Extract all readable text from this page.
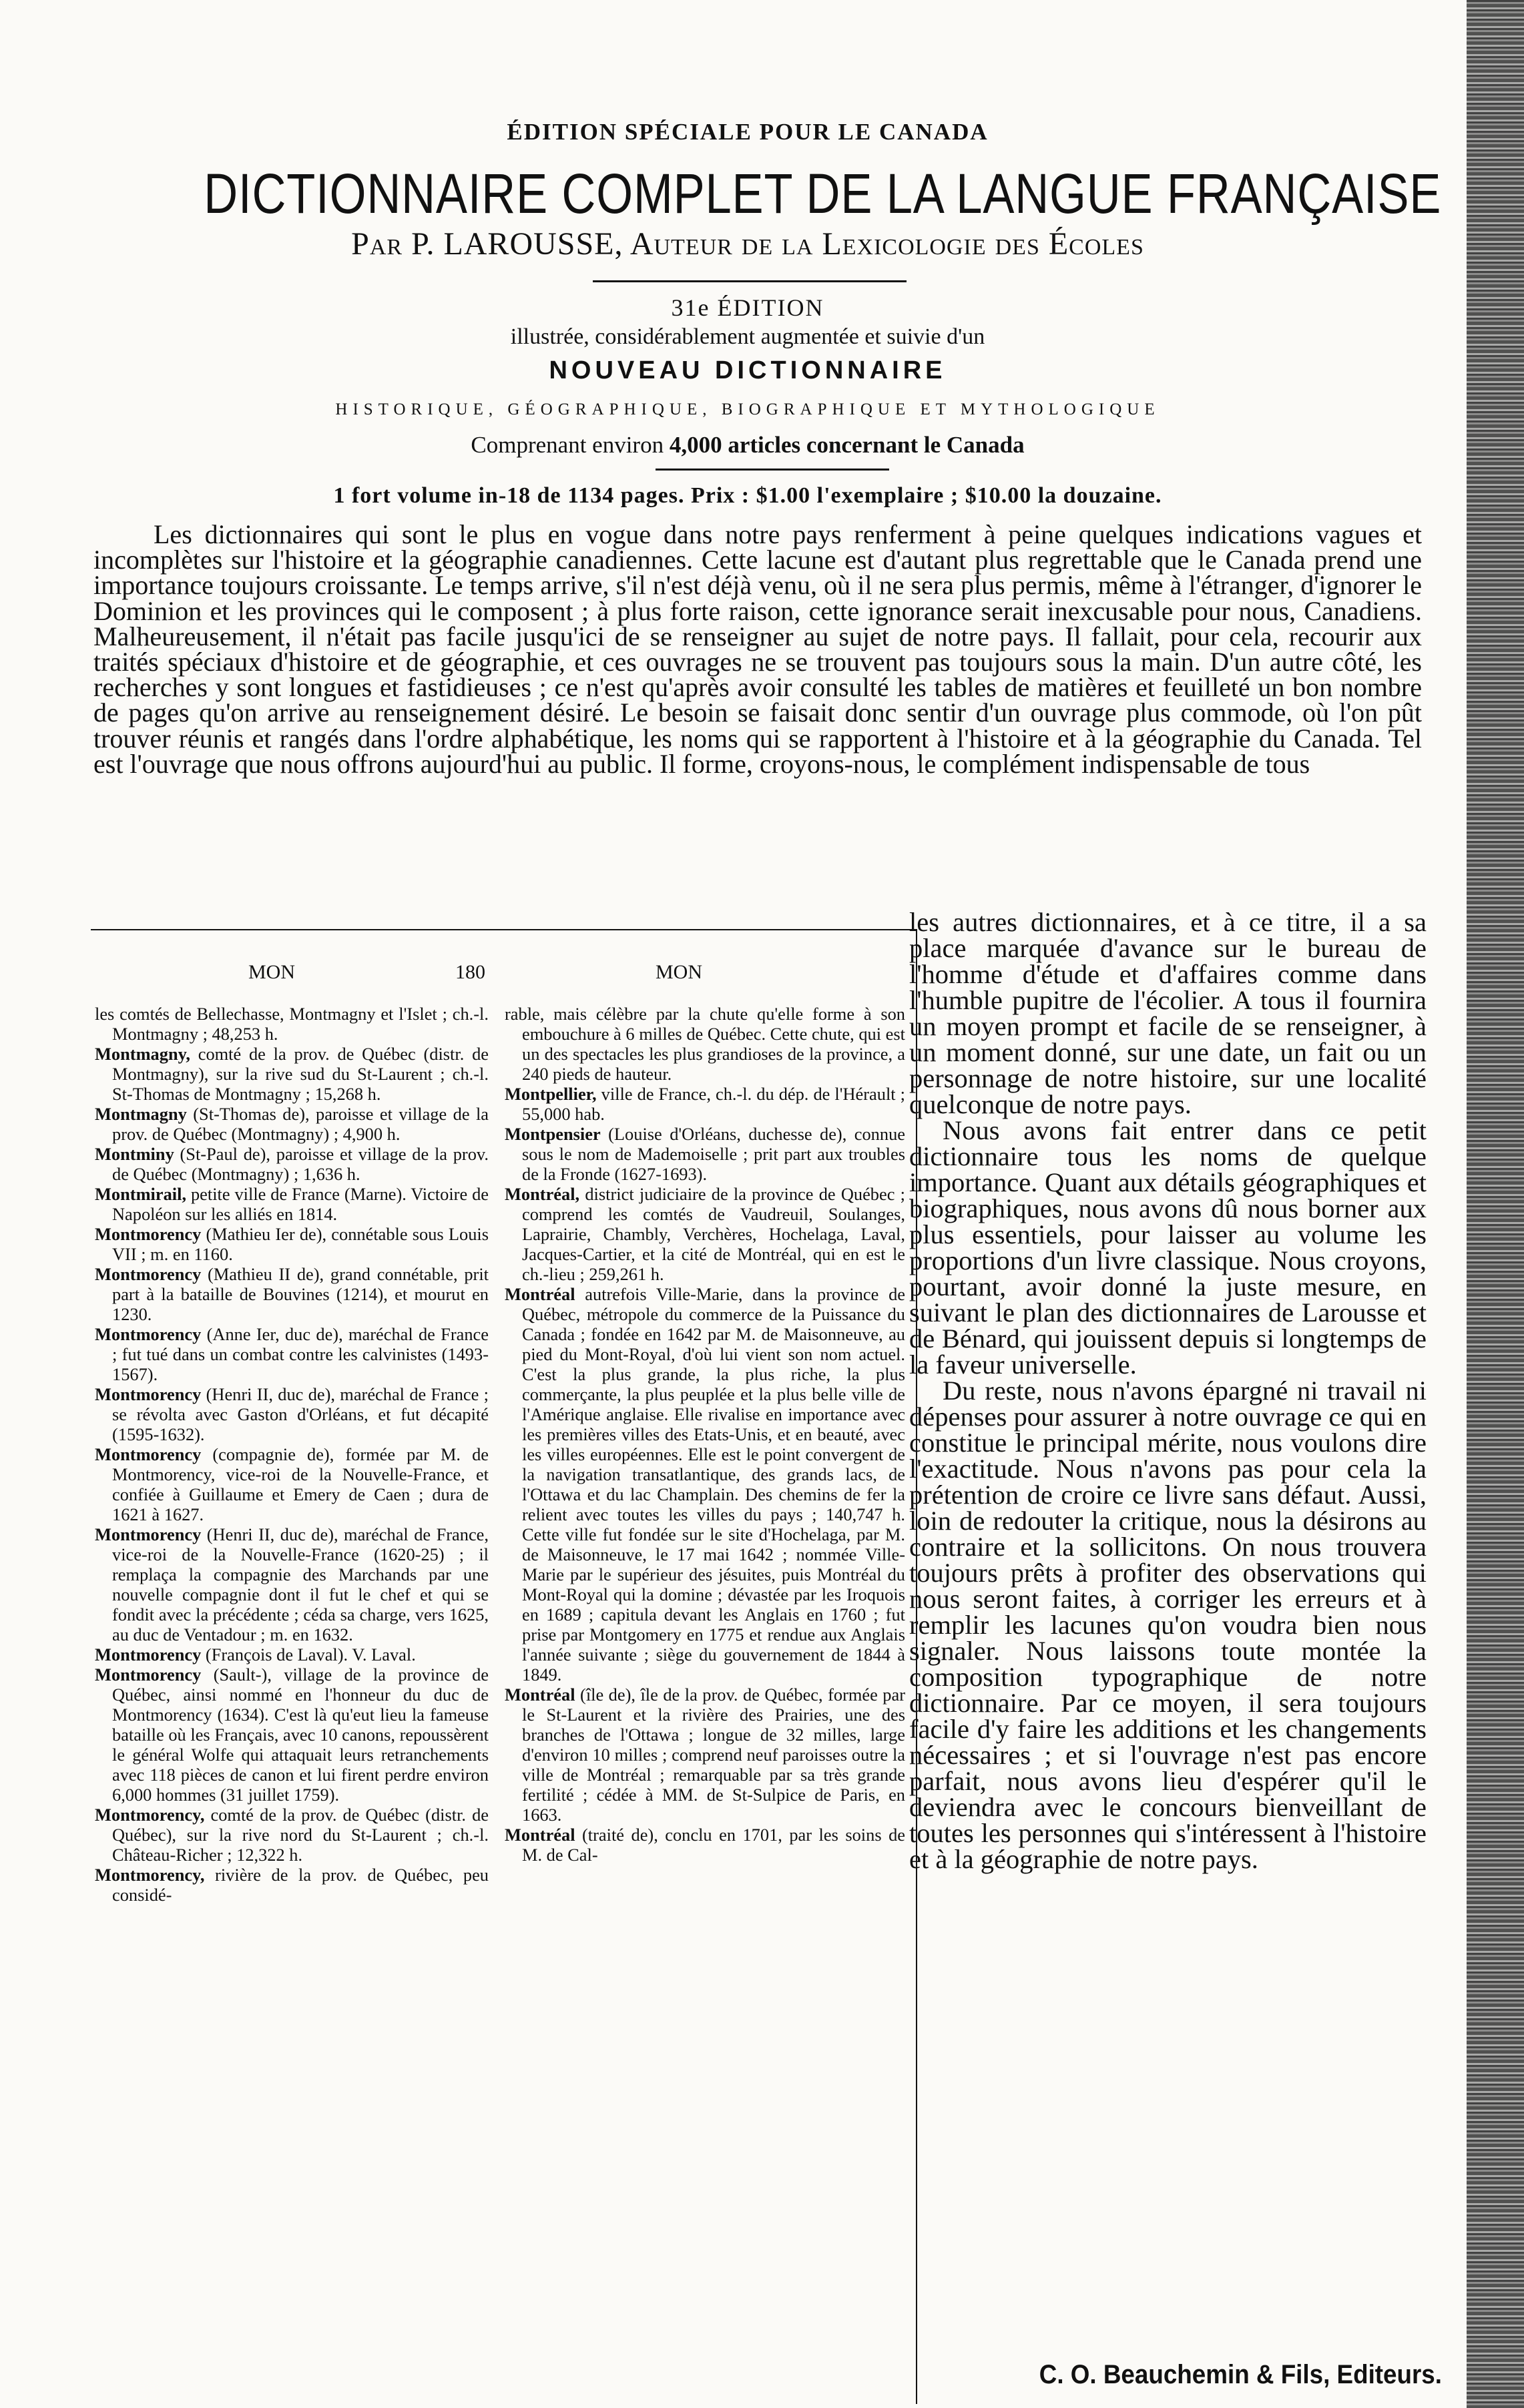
ÉDITION SPÉCIALE POUR LE CANADA
DICTIONNAIRE COMPLET DE LA LANGUE FRANÇAISE
Par P. LAROUSSE, Auteur de la Lexicologie des Écoles
31e ÉDITION
illustrée, considérablement augmentée et suivie d'un
NOUVEAU DICTIONNAIRE
HISTORIQUE, GÉOGRAPHIQUE, BIOGRAPHIQUE ET MYTHOLOGIQUE
Comprenant environ 4,000 articles concernant le Canada
1 fort volume in-18 de 1134 pages. Prix : $1.00 l'exemplaire ; $10.00 la douzaine.

Les dictionnaires qui sont le plus en vogue dans notre pays renferment à peine quelques indications vagues et incomplètes sur l'histoire et la géographie canadiennes. Cette lacune est d'autant plus regrettable que le Canada prend une importance toujours croissante. Le temps arrive, s'il n'est déjà venu, où il ne sera plus permis, même à l'étranger, d'ignorer le Dominion et les provinces qui le composent ; à plus forte raison, cette ignorance serait inexcusable pour nous, Canadiens. Malheureusement, il n'était pas facile jusqu'ici de se renseigner au sujet de notre pays. Il fallait, pour cela, recourir aux traités spéciaux d'histoire et de géographie, et ces ouvrages ne se trouvent pas toujours sous la main. D'un autre côté, les recherches y sont longues et fastidieuses ; ce n'est qu'après avoir consulté les tables de matières et feuilleté un bon nombre de pages qu'on arrive au renseignement désiré. Le besoin se faisait donc sentir d'un ouvrage plus commode, où l'on pût trouver réunis et rangés dans l'ordre alphabétique, les noms qui se rapportent à l'histoire et à la géographie du Canada. Tel est l'ouvrage que nous offrons aujourd'hui au public. Il forme, croyons-nous, le complément indispensable de tous

MON	180	MON

les comtés de Bellechasse, Montmagny et l'Islet ; ch.-l. Montmagny ; 48,253 h.

Montmagny, comté de la prov. de Québec (distr. de Montmagny), sur la rive sud du St-Laurent ; ch.-l. St-Thomas de Montmagny ; 15,268 h.

Montmagny (St-Thomas de), paroisse et village de la prov. de Québec (Montmagny) ; 4,900 h.

Montminy (St-Paul de), paroisse et village de la prov. de Québec (Montmagny) ; 1,636 h.

Montmirail, petite ville de France (Marne). Victoire de Napoléon sur les alliés en 1814.

Montmorency (Mathieu Ier de), connétable sous Louis VII ; m. en 1160.

Montmorency (Mathieu II de), grand connétable, prit part à la bataille de Bouvines (1214), et mourut en 1230.

Montmorency (Anne Ier, duc de), maréchal de France ; fut tué dans un combat contre les calvinistes (1493-1567).

Montmorency (Henri II, duc de), maréchal de France ; se révolta avec Gaston d'Orléans, et fut décapité (1595-1632).

Montmorency (compagnie de), formée par M. de Montmorency, vice-roi de la Nouvelle-France, et confiée à Guillaume et Emery de Caen ; dura de 1621 à 1627.

Montmorency (Henri II, duc de), maréchal de France, vice-roi de la Nouvelle-France (1620-25) ; il remplaça la compagnie des Marchands par une nouvelle compagnie dont il fut le chef et qui se fondit avec la précédente ; céda sa charge, vers 1625, au duc de Ventadour ; m. en 1632.

Montmorency (François de Laval). V. Laval.

Montmorency (Sault-), village de la province de Québec, ainsi nommé en l'honneur du duc de Montmorency (1634). C'est là qu'eut lieu la fameuse bataille où les Français, avec 10 canons, repoussèrent le général Wolfe qui attaquait leurs retranchements avec 118 pièces de canon et lui firent perdre environ 6,000 hommes (31 juillet 1759).

Montmorency, comté de la prov. de Québec (distr. de Québec), sur la rive nord du St-Laurent ; ch.-l. Château-Richer ; 12,322 h.

Montmorency, rivière de la prov. de Québec, peu considé-

rable, mais célèbre par la chute qu'elle forme à son embouchure à 6 milles de Québec. Cette chute, qui est un des spectacles les plus grandioses de la province, a 240 pieds de hauteur.

Montpellier, ville de France, ch.-l. du dép. de l'Hérault ; 55,000 hab.

Montpensier (Louise d'Orléans, duchesse de), connue sous le nom de Mademoiselle ; prit part aux troubles de la Fronde (1627-1693).

Montréal, district judiciaire de la province de Québec ; comprend les comtés de Vaudreuil, Soulanges, Laprairie, Chambly, Verchères, Hochelaga, Laval, Jacques-Cartier, et la cité de Montréal, qui en est le ch.-lieu ; 259,261 h.

Montréal autrefois Ville-Marie, dans la province de Québec, métropole du commerce de la Puissance du Canada ; fondée en 1642 par M. de Maisonneuve, au pied du Mont-Royal, d'où lui vient son nom actuel. C'est la plus grande, la plus riche, la plus commerçante, la plus peuplée et la plus belle ville de l'Amérique anglaise. Elle rivalise en importance avec les premières villes des Etats-Unis, et en beauté, avec les villes européennes. Elle est le point convergent de la navigation transatlantique, des grands lacs, de l'Ottawa et du lac Champlain. Des chemins de fer la relient avec toutes les villes du pays ; 140,747 h. Cette ville fut fondée sur le site d'Hochelaga, par M. de Maisonneuve, le 17 mai 1642 ; nommée Ville-Marie par le supérieur des jésuites, puis Montréal du Mont-Royal qui la domine ; dévastée par les Iroquois en 1689 ; capitula devant les Anglais en 1760 ; fut prise par Montgomery en 1775 et rendue aux Anglais l'année suivante ; siège du gouvernement de 1844 à 1849.

Montréal (île de), île de la prov. de Québec, formée par le St-Laurent et la rivière des Prairies, une des branches de l'Ottawa ; longue de 32 milles, large d'environ 10 milles ; comprend neuf paroisses outre la ville de Montréal ; remarquable par sa très grande fertilité ; cédée à MM. de St-Sulpice de Paris, en 1663.

Montréal (traité de), conclu en 1701, par les soins de M. de Cal-

les autres dictionnaires, et à ce titre, il a sa place marquée d'avance sur le bureau de l'homme d'étude et d'affaires comme dans l'humble pupitre de l'écolier. A tous il fournira un moyen prompt et facile de se renseigner, à un moment donné, sur une date, un fait ou un personnage de notre histoire, sur une localité quelconque de notre pays.

Nous avons fait entrer dans ce petit dictionnaire tous les noms de quelque importance. Quant aux détails géographiques et biographiques, nous avons dû nous borner aux plus essentiels, pour laisser au volume les proportions d'un livre classique. Nous croyons, pourtant, avoir donné la juste mesure, en suivant le plan des dictionnaires de Larousse et de Bénard, qui jouissent depuis si longtemps de la faveur universelle.

Du reste, nous n'avons épargné ni travail ni dépenses pour assurer à notre ouvrage ce qui en constitue le principal mérite, nous voulons dire l'exactitude. Nous n'avons pas pour cela la prétention de croire ce livre sans défaut. Aussi, loin de redouter la critique, nous la désirons au contraire et la sollicitons. On nous trouvera toujours prêts à profiter des observations qui nous seront faites, à corriger les erreurs et à remplir les lacunes qu'on voudra bien nous signaler. Nous laissons toute montée la composition typographique de notre dictionnaire. Par ce moyen, il sera toujours facile d'y faire les additions et les changements nécessaires ; et si l'ouvrage n'est pas encore parfait, nous avons lieu d'espérer qu'il le deviendra avec le concours bienveillant de toutes les personnes qui s'intéressent à l'histoire et à la géographie de notre pays.

C. O. Beauchemin & Fils, Editeurs.
